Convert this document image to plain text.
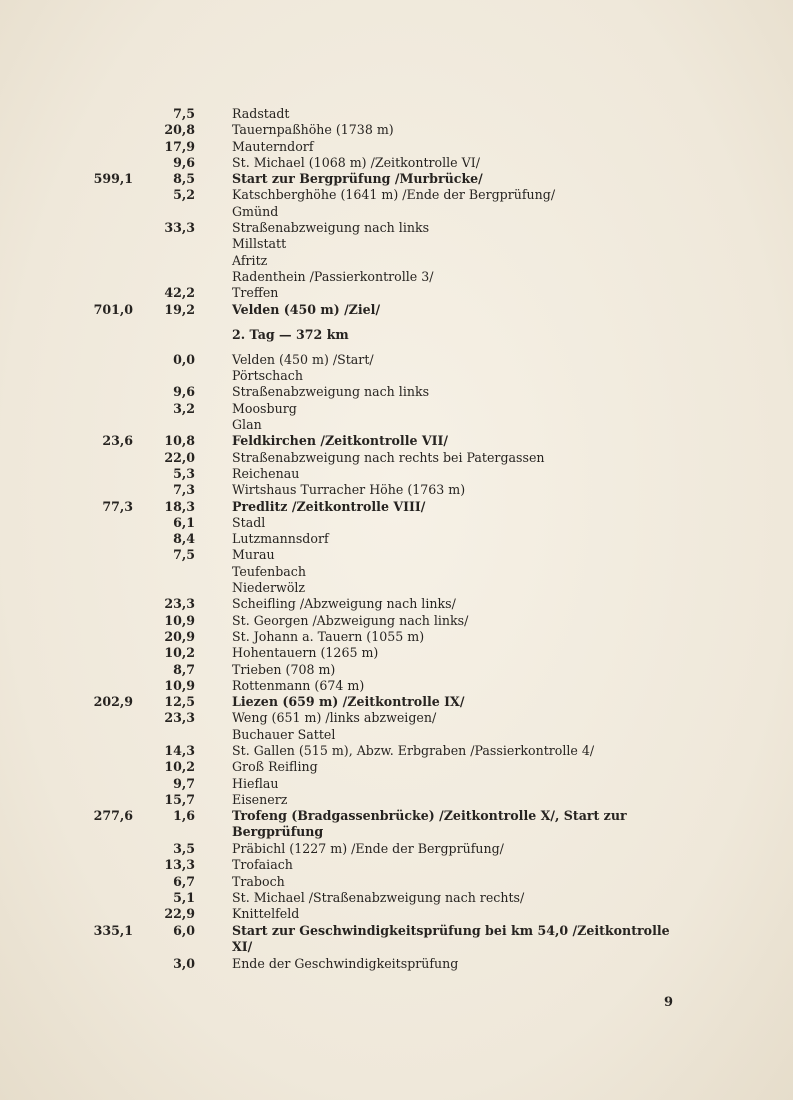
7,5	Radstadt
20,8	Tauernpaßhöhe (1738 m)
17,9	Mauterndorf
9,6	St. Michael (1068 m) /Zeitkontrolle VI/
599,1	8,5	Start zur Bergprüfung /Murbrücke/
5,2	Katschberghöhe (1641 m) /Ende der Bergprüfung/
Gmünd
33,3	Straßenabzweigung nach links
Millstatt
Afritz
Radenthein /Passierkontrolle 3/
42,2	Treffen
701,0	19,2	Velden (450 m) /Ziel/
2. Tag — 372 km
0,0	Velden (450 m) /Start/
Pörtschach
9,6	Straßenabzweigung nach links
3,2	Moosburg
Glan
23,6	10,8	Feldkirchen /Zeitkontrolle VII/
22,0	Straßenabzweigung nach rechts bei Patergassen
5,3	Reichenau
7,3	Wirtshaus Turracher Höhe (1763 m)
77,3	18,3	Predlitz /Zeitkontrolle VIII/
6,1	Stadl
8,4	Lutzmannsdorf
7,5	Murau
Teufenbach
Niederwölz
23,3	Scheifling /Abzweigung nach links/
10,9	St. Georgen /Abzweigung nach links/
20,9	St. Johann a. Tauern (1055 m)
10,2	Hohentauern (1265 m)
8,7	Trieben (708 m)
10,9	Rottenmann (674 m)
202,9	12,5	Liezen (659 m) /Zeitkontrolle IX/
23,3	Weng (651 m) /links abzweigen/
Buchauer Sattel
14,3	St. Gallen (515 m), Abzw. Erbgraben /Passierkontrolle 4/
10,2	Groß Reifling
9,7	Hieflau
15,7	Eisenerz
277,6	1,6	Trofeng (Bradgassenbrücke) /Zeitkontrolle X/, Start zur Bergprüfung
3,5	Präbichl (1227 m) /Ende der Bergprüfung/
13,3	Trofaiach
6,7	Traboch
5,1	St. Michael /Straßenabzweigung nach rechts/
22,9	Knittelfeld
335,1	6,0	Start zur Geschwindigkeitsprüfung bei km 54,0 /Zeitkontrolle XI/
3,0	Ende der Geschwindigkeitsprüfung
9
